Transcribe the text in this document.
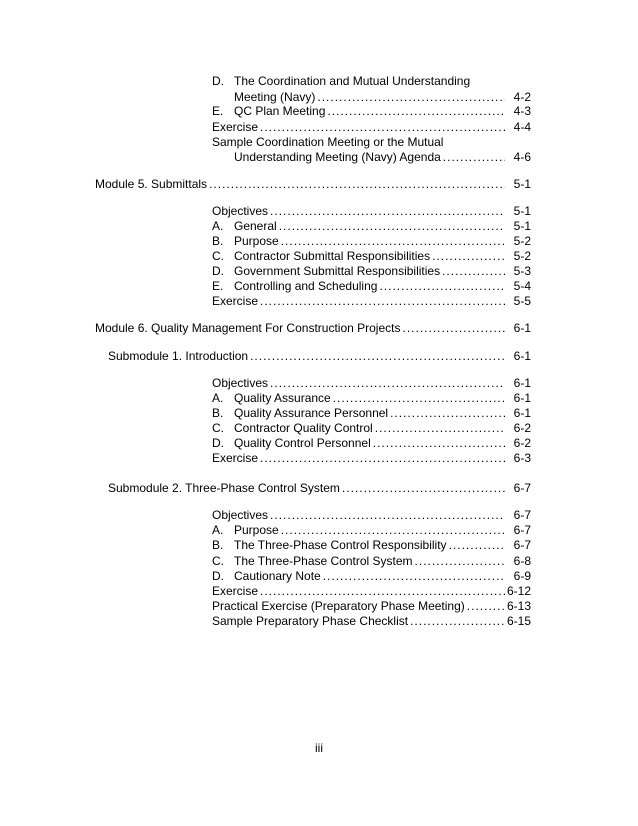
D. The Coordination and Mutual Understanding
Meeting (Navy) .....	4-2
E. QC Plan Meeting .....	4-3
Exercise .....	4-4
Sample Coordination Meeting or the Mutual
Understanding Meeting (Navy) Agenda .....	4-6
Module 5. Submittals .....	5-1
Objectives .....	5-1
A. General .....	5-1
B. Purpose .....	5-2
C. Contractor Submittal Responsibilities .....	5-2
D. Government Submittal Responsibilities .....	5-3
E. Controlling and Scheduling .....	5-4
Exercise .....	5-5
Module 6. Quality Management For Construction Projects .....	6-1
Submodule 1. Introduction .....	6-1
Objectives .....	6-1
A. Quality Assurance .....	6-1
B. Quality Assurance Personnel .....	6-1
C. Contractor Quality Control .....	6-2
D. Quality Control Personnel .....	6-2
Exercise .....	6-3
Submodule 2. Three-Phase Control System .....	6-7
Objectives .....	6-7
A. Purpose .....	6-7
B. The Three-Phase Control Responsibility .....	6-7
C. The Three-Phase Control System .....	6-8
D. Cautionary Note .....	6-9
Exercise .....	6-12
Practical Exercise (Preparatory Phase Meeting) .....	6-13
Sample Preparatory Phase Checklist .....	6-15
iii
